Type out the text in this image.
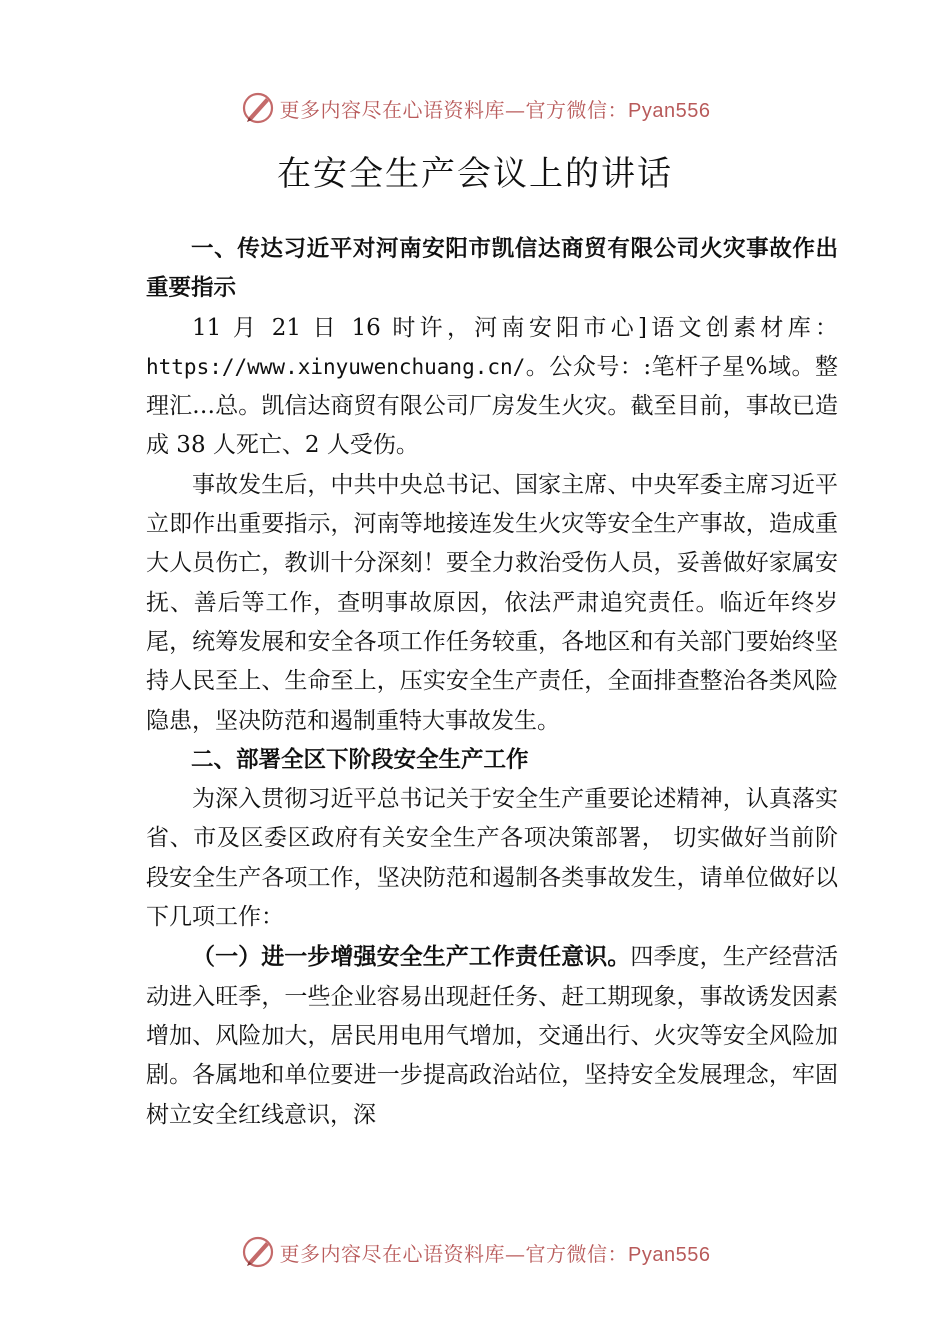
更多内容尽在心语资料库—官方微信：Pyan556
在安全生产会议上的讲话

一、传达习近平对河南安阳市凯信达商贸有限公司火灾事故作出重要指示

11 月 21 日 16 时许，河南安阳市心]语文创素材库：https://www.xinyuwenchuang.cn/。公众号：:笔杆子星%域。整理汇…总。凯信达商贸有限公司厂房发生火灾。截至目前，事故已造成 38 人死亡、2 人受伤。

事故发生后，中共中央总书记、国家主席、中央军委主席习近平立即作出重要指示，河南等地接连发生火灾等安全生产事故，造成重大人员伤亡，教训十分深刻！要全力救治受伤人员，妥善做好家属安抚、善后等工作，查明事故原因，依法严肃追究责任。临近年终岁尾，统筹发展和安全各项工作任务较重，各地区和有关部门要始终坚持人民至上、生命至上，压实安全生产责任，全面排查整治各类风险隐患，坚决防范和遏制重特大事故发生。

二、部署全区下阶段安全生产工作

为深入贯彻习近平总书记关于安全生产重要论述精神，认真落实省、市及区委区政府有关安全生产各项决策部署， 切实做好当前阶段安全生产各项工作，坚决防范和遏制各类事故发生，请单位做好以下几项工作：

（一）进一步增强安全生产工作责任意识。四季度，生产经营活动进入旺季，一些企业容易出现赶任务、赶工期现象，事故诱发因素增加、风险加大，居民用电用气增加，交通出行、火灾等安全风险加剧。各属地和单位要进一步提高政治站位，坚持安全发展理念，牢固树立安全红线意识，深

更多内容尽在心语资料库—官方微信：Pyan556
